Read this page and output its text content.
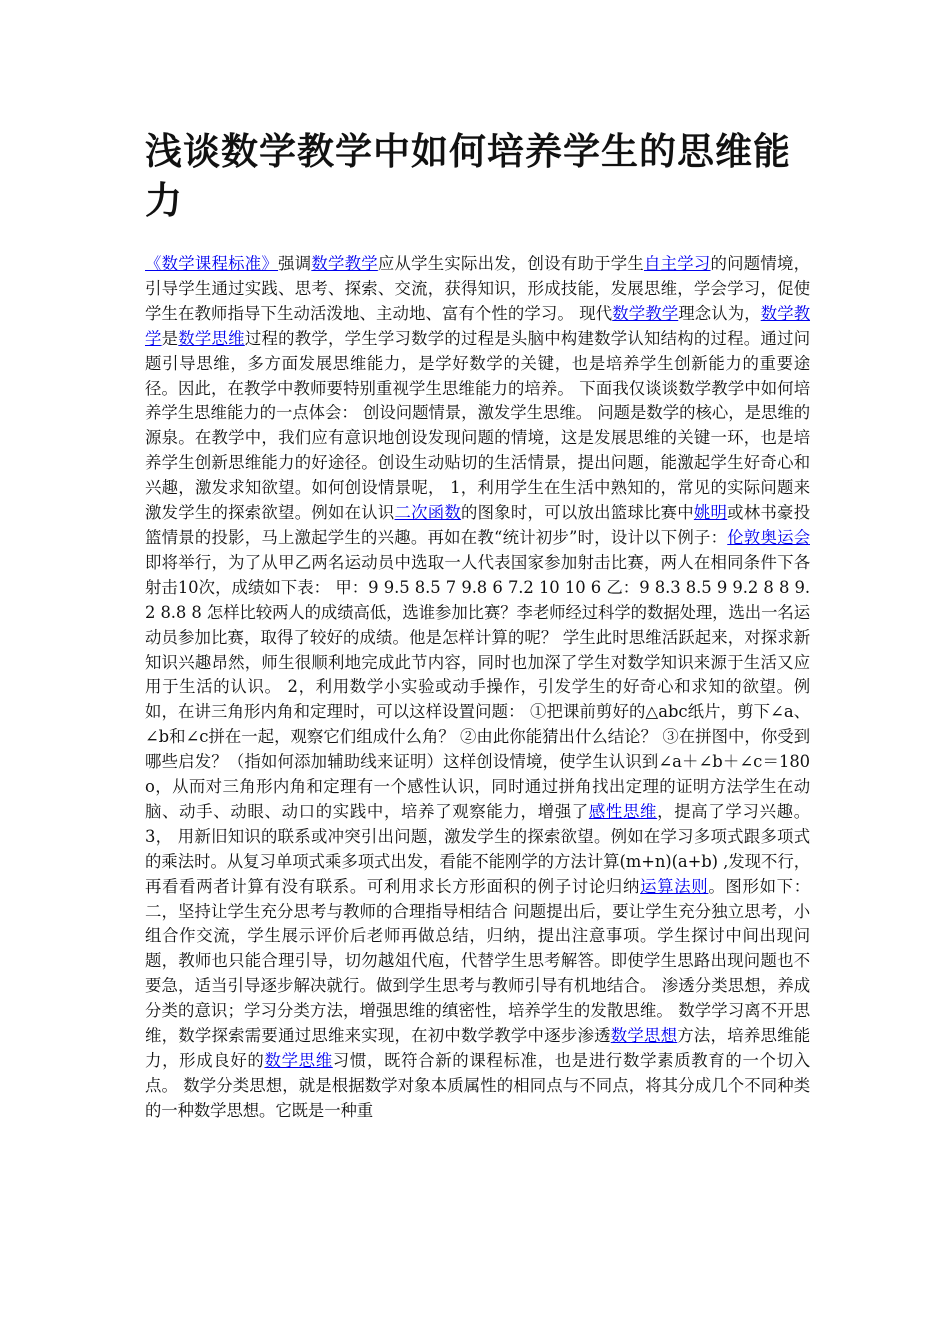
浅谈数学教学中如何培养学生的思维能力

《数学课程标准》强调数学教学应从学生实际出发，创设有助于学生自主学习的问题情境，引导学生通过实践、思考、探索、交流，获得知识，形成技能，发展思维，学会学习，促使学生在教师指导下生动活泼地、主动地、富有个性的学习。 现代数学教学理念认为，数学教学是数学思维过程的教学，学生学习数学的过程是头脑中构建数学认知结构的过程。通过问题引导思维，多方面发展思维能力，是学好数学的关键，也是培养学生创新能力的重要途径。因此，在教学中教师要特别重视学生思维能力的培养。 下面我仅谈谈数学教学中如何培养学生思维能力的一点体会： 创设问题情景，激发学生思维。 问题是数学的核心，是思维的源泉。在教学中，我们应有意识地创设发现问题的情境，这是发展思维的关键一环，也是培养学生创新思维能力的好途径。创设生动贴切的生活情景，提出问题，能激起学生好奇心和兴趣，激发求知欲望。如何创设情景呢， 1，利用学生在生活中熟知的，常见的实际问题来激发学生的探索欲望。例如在认识二次函数的图象时，可以放出篮球比赛中姚明或林书豪投篮情景的投影，马上激起学生的兴趣。再如在教“统计初步”时，设计以下例子：伦敦奥运会即将举行，为了从甲乙两名运动员中选取一人代表国家参加射击比赛，两人在相同条件下各射击10次，成绩如下表： 甲：9 9.5 8.5 7 9.8 6 7.2 10 10 6 乙：9 8.3 8.5 9 9.2 8 8 9.2 8.8 8 怎样比较两人的成绩高低，选谁参加比赛？李老师经过科学的数据处理，选出一名运动员参加比赛，取得了较好的成绩。他是怎样计算的呢？ 学生此时思维活跃起来，对探求新知识兴趣昂然，师生很顺利地完成此节内容，同时也加深了学生对数学知识来源于生活又应用于生活的认识。 2，利用数学小实验或动手操作，引发学生的好奇心和求知的欲望。例如，在讲三角形内角和定理时，可以这样设置问题： ①把课前剪好的△abc纸片，剪下∠a、∠b和∠c拼在一起，观察它们组成什么角？ ②由此你能猜出什么结论？ ③在拼图中，你受到哪些启发？（指如何添加辅助线来证明）这样创设情境，使学生认识到∠a＋∠b＋∠c＝180o，从而对三角形内角和定理有一个感性认识，同时通过拼角找出定理的证明方法学生在动脑、动手、动眼、动口的实践中，培养了观察能力，增强了感性思维，提高了学习兴趣。 3， 用新旧知识的联系或冲突引出问题，激发学生的探索欲望。例如在学习多项式跟多项式的乘法时。从复习单项式乘多项式出发，看能不能刚学的方法计算(m+n)(a+b) ,发现不行，再看看两者计算有没有联系。可利用求长方形面积的例子讨论归纳运算法则。图形如下： 二，坚持让学生充分思考与教师的合理指导相结合 问题提出后，要让学生充分独立思考，小组合作交流，学生展示评价后老师再做总结，归纳，提出注意事项。学生探讨中间出现问题，教师也只能合理引导，切勿越俎代庖，代替学生思考解答。即使学生思路出现问题也不要急，适当引导逐步解决就行。做到学生思考与教师引导有机地结合。 渗透分类思想，养成分类的意识；学习分类方法，增强思维的缜密性，培养学生的发散思维。 数学学习离不开思维，数学探索需要通过思维来实现，在初中数学教学中逐步渗透数学思想方法，培养思维能力，形成良好的数学思维习惯，既符合新的课程标准，也是进行数学素质教育的一个切入点。 数学分类思想，就是根据数学对象本质属性的相同点与不同点，将其分成几个不同种类的一种数学思想。它既是一种重
